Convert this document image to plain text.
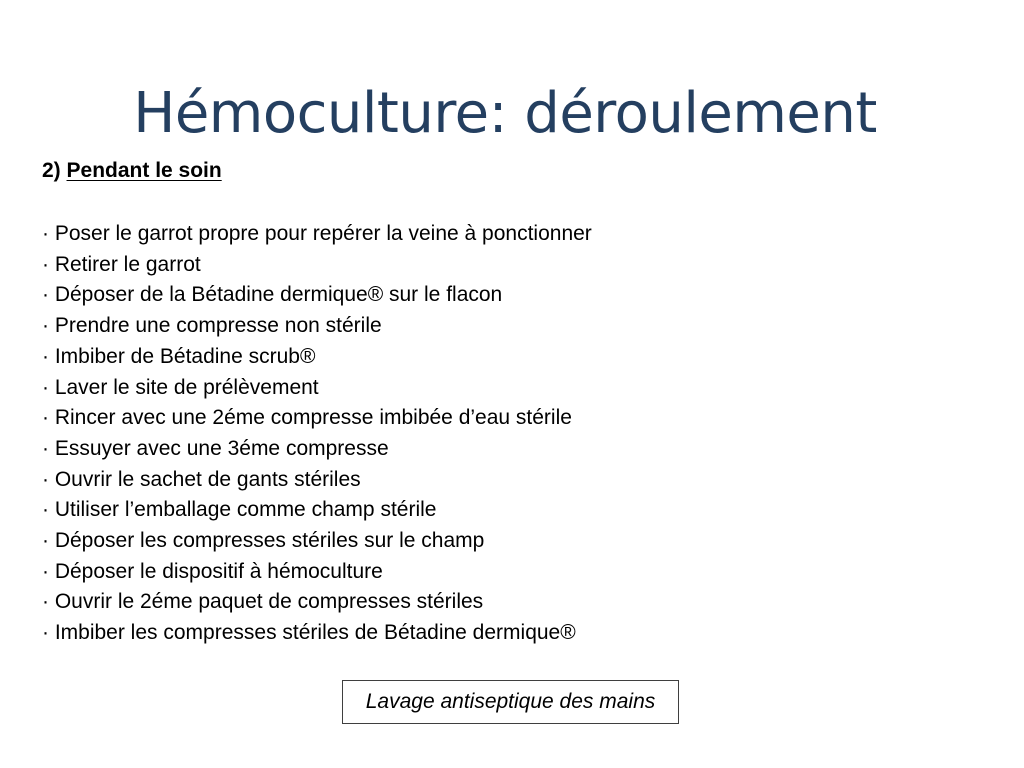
Hémoculture: déroulement
2) Pendant le soin
· Poser le garrot propre pour repérer la veine à ponctionner
· Retirer le garrot
· Déposer de la Bétadine dermique® sur le flacon
· Prendre une compresse non stérile
· Imbiber de Bétadine scrub®
· Laver le site de prélèvement
· Rincer avec une 2éme compresse imbibée d’eau stérile
· Essuyer avec une 3éme compresse
· Ouvrir le sachet de gants stériles
· Utiliser l’emballage comme champ stérile
· Déposer les compresses stériles sur le champ
· Déposer le dispositif à hémoculture
· Ouvrir le 2éme paquet de compresses stériles
· Imbiber les compresses stériles de Bétadine dermique®
Lavage antiseptique des mains
